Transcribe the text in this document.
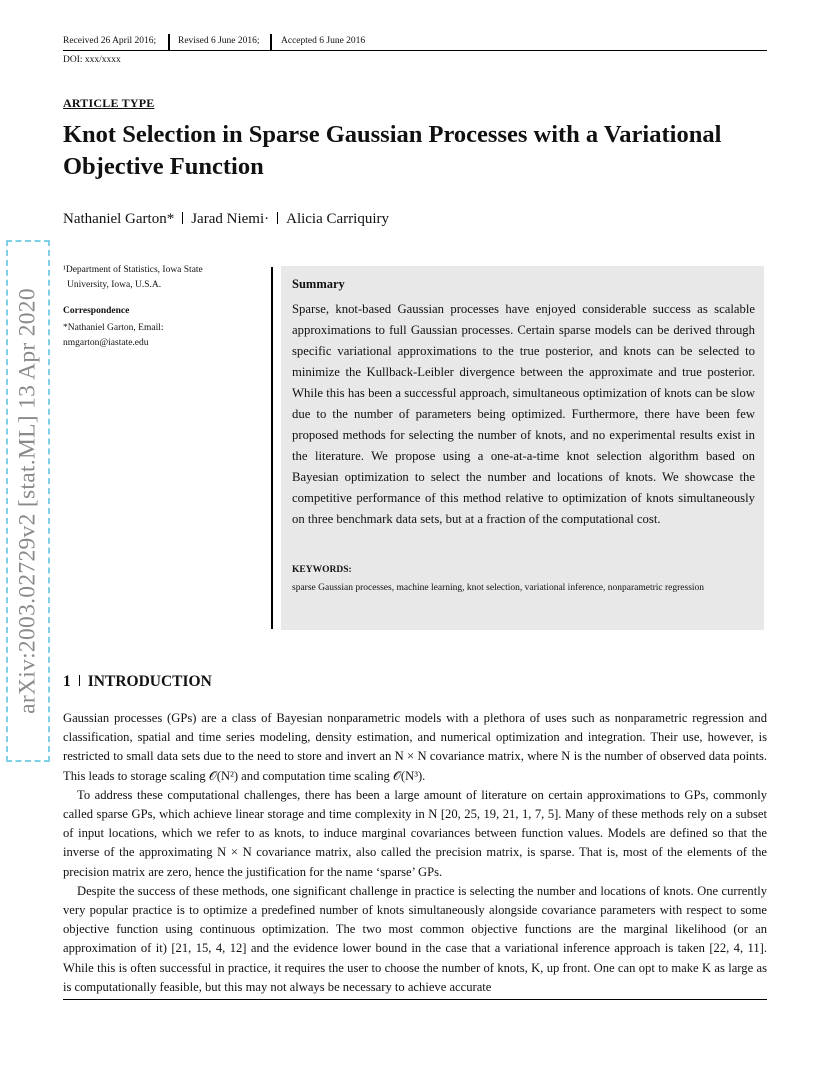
Received 26 April 2016; Revised 6 June 2016; Accepted 6 June 2016
DOI: xxx/xxxx
ARTICLE TYPE
Knot Selection in Sparse Gaussian Processes with a Variational Objective Function
Nathaniel Garton* Jarad Niemi· Alicia Carriquiry
arXiv:2003.02729v2 [stat.ML] 13 Apr 2020
¹Department of Statistics, Iowa State
University, Iowa, U.S.A.
Correspondence
*Nathaniel Garton, Email:
nmgarton@iastate.edu
Summary
Sparse, knot-based Gaussian processes have enjoyed considerable success as scalable approximations to full Gaussian processes. Certain sparse models can be derived through specific variational approximations to the true posterior, and knots can be selected to minimize the Kullback-Leibler divergence between the approximate and true posterior. While this has been a successful approach, simultaneous optimization of knots can be slow due to the number of parameters being optimized. Furthermore, there have been few proposed methods for selecting the number of knots, and no experimental results exist in the literature. We propose using a one-at-a-time knot selection algorithm based on Bayesian optimization to select the number and locations of knots. We showcase the competitive performance of this method relative to optimization of knots simultaneously on three benchmark data sets, but at a fraction of the computational cost.
KEYWORDS:
sparse Gaussian processes, machine learning, knot selection, variational inference, nonparametric regression
1 INTRODUCTION

Gaussian processes (GPs) are a class of Bayesian nonparametric models with a plethora of uses such as nonparametric regression and classification, spatial and time series modeling, density estimation, and numerical optimization and integration. Their use, however, is restricted to small data sets due to the need to store and invert an N × N covariance matrix, where N is the number of observed data points. This leads to storage scaling 𝒪(N²) and computation time scaling 𝒪(N³).

To address these computational challenges, there has been a large amount of literature on certain approximations to GPs, commonly called sparse GPs, which achieve linear storage and time complexity in N [20, 25, 19, 21, 1, 7, 5]. Many of these methods rely on a subset of input locations, which we refer to as knots, to induce marginal covariances between function values. Models are defined so that the inverse of the approximating N × N covariance matrix, also called the precision matrix, is sparse. That is, most of the elements of the precision matrix are zero, hence the justification for the name ‘sparse’ GPs.

Despite the success of these methods, one significant challenge in practice is selecting the number and locations of knots. One currently very popular practice is to optimize a predefined number of knots simultaneously alongside covariance parameters with respect to some objective function using continuous optimization. The two most common objective functions are the marginal likelihood (or an approximation of it) [21, 15, 4, 12] and the evidence lower bound in the case that a variational inference approach is taken [22, 4, 11]. While this is often successful in practice, it requires the user to choose the number of knots, K, up front. One can opt to make K as large as is computationally feasible, but this may not always be necessary to achieve accurate
